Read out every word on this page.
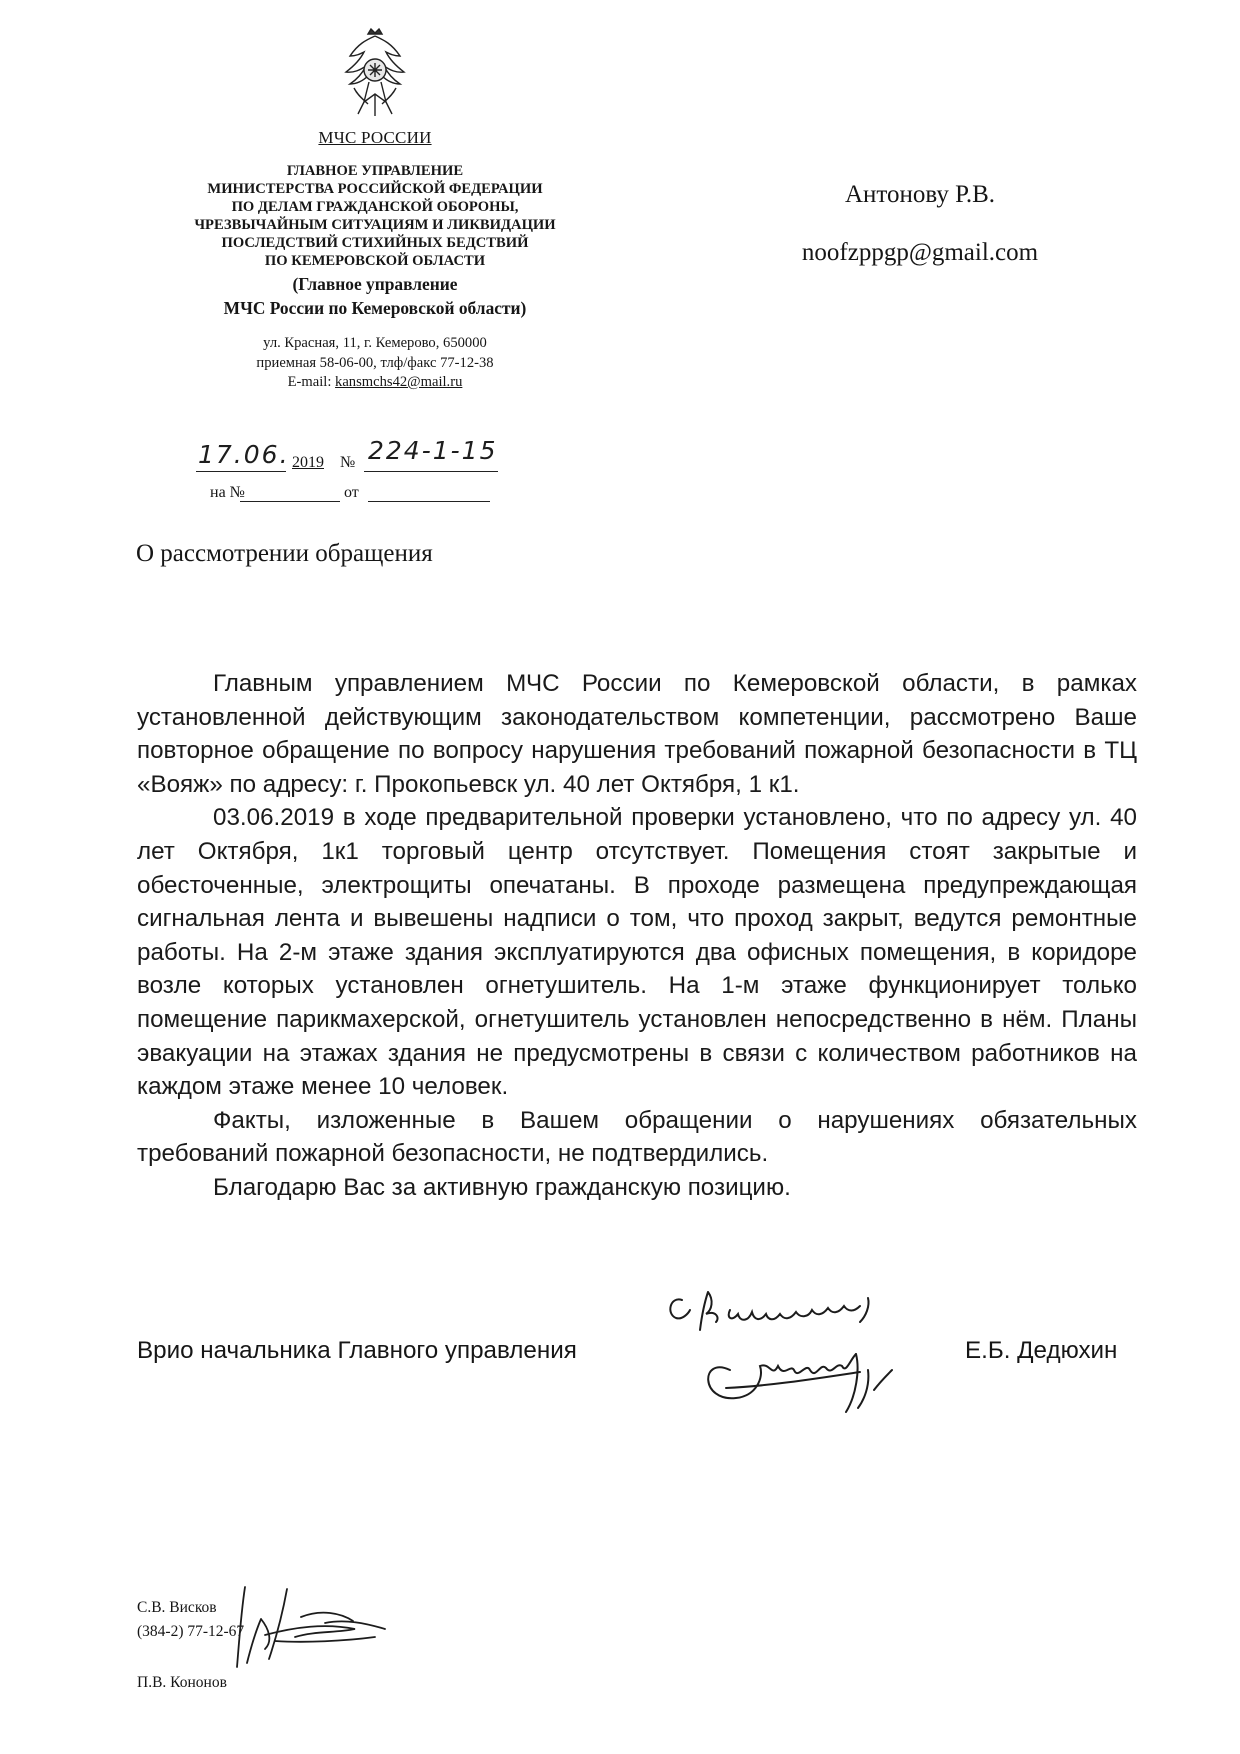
МЧС РОССИИ
ГЛАВНОЕ УПРАВЛЕНИЕ
МИНИСТЕРСТВА РОССИЙСКОЙ ФЕДЕРАЦИИ
ПО ДЕЛАМ ГРАЖДАНСКОЙ ОБОРОНЫ,
ЧРЕЗВЫЧАЙНЫМ СИТУАЦИЯМ И ЛИКВИДАЦИИ
ПОСЛЕДСТВИЙ СТИХИЙНЫХ БЕДСТВИЙ
ПО КЕМЕРОВСКОЙ ОБЛАСТИ
(Главное управление
МЧС России по Кемеровской области)
ул. Красная, 11, г. Кемерово, 650000
приемная 58-06-00, тлф/факс 77-12-38
E-mail: kansmchs42@mail.ru
17.06. 2019 № 224-1-15
на №	от
Антонову Р.В.
noofzppgp@gmail.com
О рассмотрении обращения

Главным управлением МЧС России по Кемеровской области, в рамках установленной действующим законодательством компетенции, рассмотрено Ваше повторное обращение по вопросу нарушения требований пожарной безопасности в ТЦ «Вояж» по адресу: г. Прокопьевск ул. 40 лет Октября, 1 к1.

03.06.2019 в ходе предварительной проверки установлено, что по адресу ул. 40 лет Октября, 1к1 торговый центр отсутствует. Помещения стоят закрытые и обесточенные, электрощиты опечатаны. В проходе размещена предупреждающая сигнальная лента и вывешены надписи о том, что проход закрыт, ведутся ремонтные работы. На 2-м этаже здания эксплуатируются два офисных помещения, в коридоре возле которых установлен огнетушитель. На 1-м этаже функционирует только помещение парикмахерской, огнетушитель установлен непосредственно в нём. Планы эвакуации на этажах здания не предусмотрены в связи с количеством работников на каждом этаже менее 10 человек.

Факты, изложенные в Вашем обращении о нарушениях обязательных требований пожарной безопасности, не подтвердились.

Благодарю Вас за активную гражданскую позицию.

Врио начальника Главного управления	Е.Б. Дедюхин
С.В. Висков
(384-2) 77-12-67
П.В. Кононов
